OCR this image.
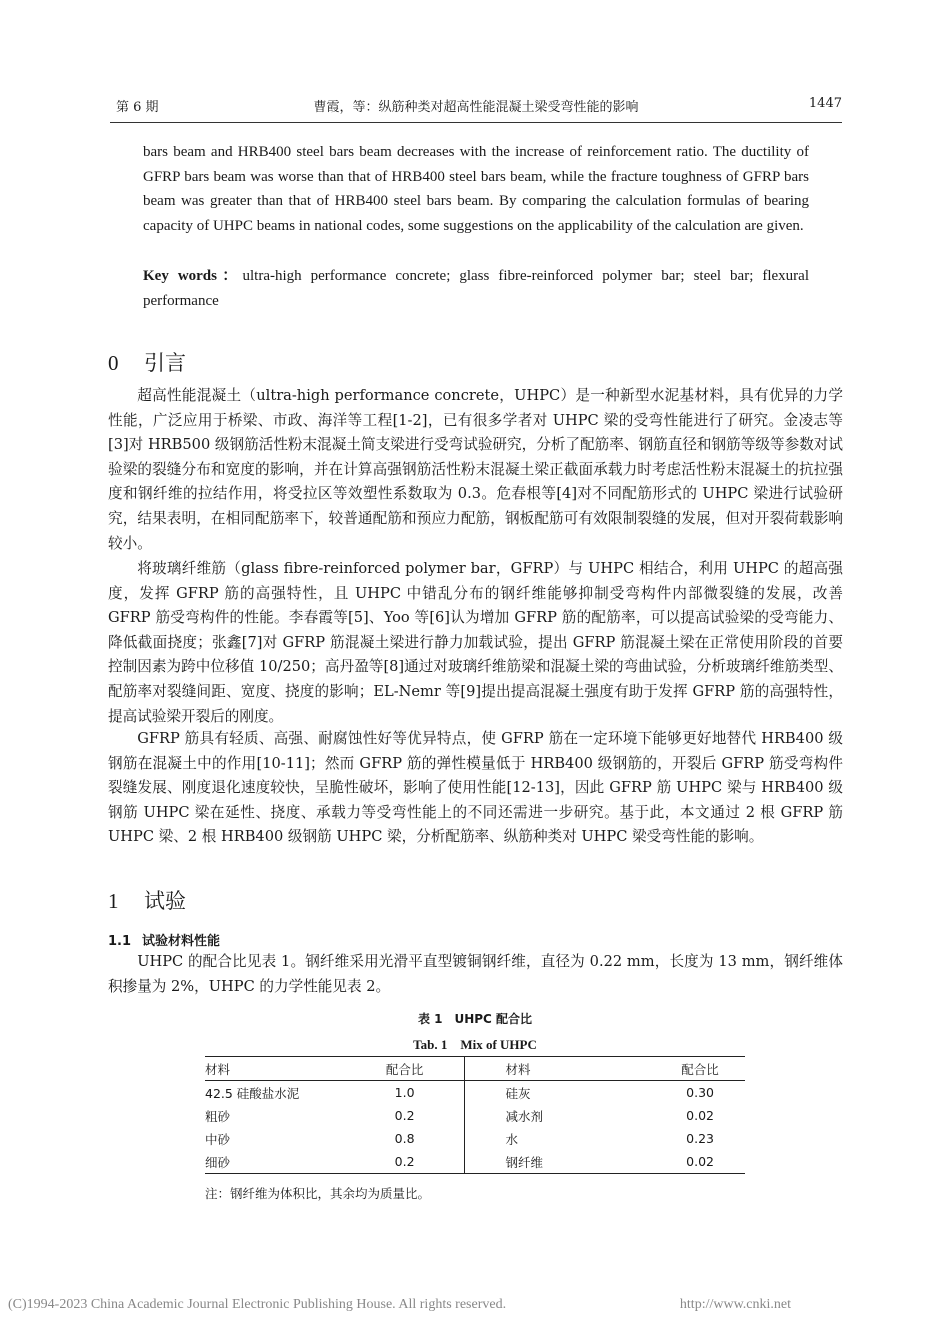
第 6 期	曹霞，等：纵筋种类对超高性能混凝土梁受弯性能的影响	1447

bars beam and HRB400 steel bars beam decreases with the increase of reinforcement ratio. The ductility of GFRP bars beam was worse than that of HRB400 steel bars beam, while the fracture toughness of GFRP bars beam was greater than that of HRB400 steel bars beam. By comparing the calculation formulas of bearing capacity of UHPC beams in national codes, some suggestions on the applicability of the calculation are given.

Key words：ultra-high performance concrete; glass fibre-reinforced polymer bar; steel bar; flexural performance

0 引言

超高性能混凝土（ultra-high performance concrete，UHPC）是一种新型水泥基材料，具有优异的力学性能，广泛应用于桥梁、市政、海洋等工程[1-2]，已有很多学者对 UHPC 梁的受弯性能进行了研究。金凌志等[3]对 HRB500 级钢筋活性粉末混凝土简支梁进行受弯试验研究，分析了配筋率、钢筋直径和钢筋等级等参数对试验梁的裂缝分布和宽度的影响，并在计算高强钢筋活性粉末混凝土梁正截面承载力时考虑活性粉末混凝土的抗拉强度和钢纤维的拉结作用，将受拉区等效塑性系数取为 0.3。危春根等[4]对不同配筋形式的 UHPC 梁进行试验研究，结果表明，在相同配筋率下，较普通配筋和预应力配筋，钢板配筋可有效限制裂缝的发展，但对开裂荷载影响较小。

将玻璃纤维筋（glass fibre-reinforced polymer bar，GFRP）与 UHPC 相结合，利用 UHPC 的超高强度，发挥 GFRP 筋的高强特性，且 UHPC 中错乱分布的钢纤维能够抑制受弯构件内部微裂缝的发展，改善 GFRP 筋受弯构件的性能。李春霞等[5]、Yoo 等[6]认为增加 GFRP 筋的配筋率，可以提高试验梁的受弯能力、降低截面挠度；张鑫[7]对 GFRP 筋混凝土梁进行静力加载试验，提出 GFRP 筋混凝土梁在正常使用阶段的首要控制因素为跨中位移值 10/250；高丹盈等[8]通过对玻璃纤维筋梁和混凝土梁的弯曲试验，分析玻璃纤维筋类型、配筋率对裂缝间距、宽度、挠度的影响；EL-Nemr 等[9]提出提高混凝土强度有助于发挥 GFRP 筋的高强特性，提高试验梁开裂后的刚度。

GFRP 筋具有轻质、高强、耐腐蚀性好等优异特点，使 GFRP 筋在一定环境下能够更好地替代 HRB400 级钢筋在混凝土中的作用[10-11]；然而 GFRP 筋的弹性模量低于 HRB400 级钢筋的，开裂后 GFRP 筋受弯构件裂缝发展、刚度退化速度较快，呈脆性破坏，影响了使用性能[12-13]，因此 GFRP 筋 UHPC 梁与 HRB400 级钢筋 UHPC 梁在延性、挠度、承载力等受弯性能上的不同还需进一步研究。基于此，本文通过 2 根 GFRP 筋 UHPC 梁、2 根 HRB400 级钢筋 UHPC 梁，分析配筋率、纵筋种类对 UHPC 梁受弯性能的影响。

1 试验
1.1 试验材料性能

UHPC 的配合比见表 1。钢纤维采用光滑平直型镀铜钢纤维，直径为 0.22 mm，长度为 13 mm，钢纤维体积掺量为 2%，UHPC 的力学性能见表 2。

表 1　UHPC 配合比
Tab. 1　Mix of UHPC
材料	配合比	材料	配合比
42.5 硅酸盐水泥	1.0	硅灰	0.30
粗砂	0.2	减水剂	0.02
中砂	0.8	水	0.23
细砂	0.2	钢纤维	0.02
注：钢纤维为体积比，其余均为质量比。
(C)1994-2023 China Academic Journal Electronic Publishing House. All rights reserved.	http://www.cnki.net
